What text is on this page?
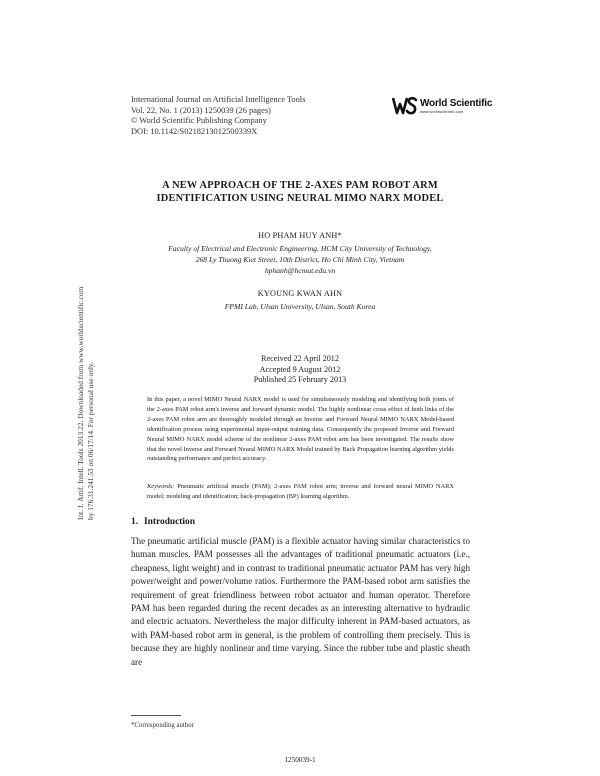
Int. J. Artif. Intell. Tools 2013.22. Downloaded from www.worldscientific.com by 176.31.241.53 on 06/17/14. For personal use only.
International Journal on Artificial Intelligence Tools
Vol. 22, No. 1 (2013) 1250039 (26 pages)
© World Scientific Publishing Company
DOI: 10.1142/S0218213012500339X
World Scientific
www.worldscientific.com
A NEW APPROACH OF THE 2-AXES PAM ROBOT ARM
IDENTIFICATION USING NEURAL MIMO NARX MODEL
HO PHAM HUY ANH*
Faculty of Electrical and Electronic Engineering, HCM City University of Technology,
268 Ly Thuong Kiet Street, 10th District, Ho Chi Minh City, Vietnam
hphanh@hcmut.edu.vn
KYOUNG KWAN AHN
FPMI Lab, Ulsan University, Ulsan, South Korea
Received 22 April 2012
Accepted 9 August 2012
Published 25 February 2013
In this paper, a novel MIMO Neural NARX model is used for simultaneously modeling and identifying both joints of the 2-axes PAM robot arm's inverse and forward dynamic model. The highly nonlinear cross effect of both links of the 2-axes PAM robot arm are thoroughly modeled through an Inverse and Forward Neural MIMO NARX Model-based identification process using experimental input-output training data. Consequently the proposed Inverse and Forward Neural MIMO NARX model scheme of the nonlinear 2-axes PAM robot arm has been investigated. The results show that the novel Inverse and Forward Neural MIMO NARX Model trained by Back Propagation learning algorithm yields outstanding performance and perfect accuracy.
Keywords: Pneumatic artificial muscle (PAM); 2-axes PAM robot arm; inverse and forward neural MIMO NARX model; modeling and identification; back-propagation (BP) learning algorithm.
1. Introduction
The pneumatic artificial muscle (PAM) is a flexible actuator having similar characteristics to human muscles. PAM possesses all the advantages of traditional pneumatic actuators (i.e., cheapness, light weight) and in contrast to traditional pneumatic actuator PAM has very high power/weight and power/volume ratios. Furthermore the PAM-based robot arm satisfies the requirement of great friendliness between robot actuator and human operator. Therefore PAM has been regarded during the recent decades as an interesting alternative to hydraulic and electric actuators. Nevertheless the major difficulty inherent in PAM-based actuators, as with PAM-based robot arm in general, is the problem of controlling them precisely. This is because they are highly nonlinear and time varying. Since the rubber tube and plastic sheath are
*Corresponding author
1250039-1
